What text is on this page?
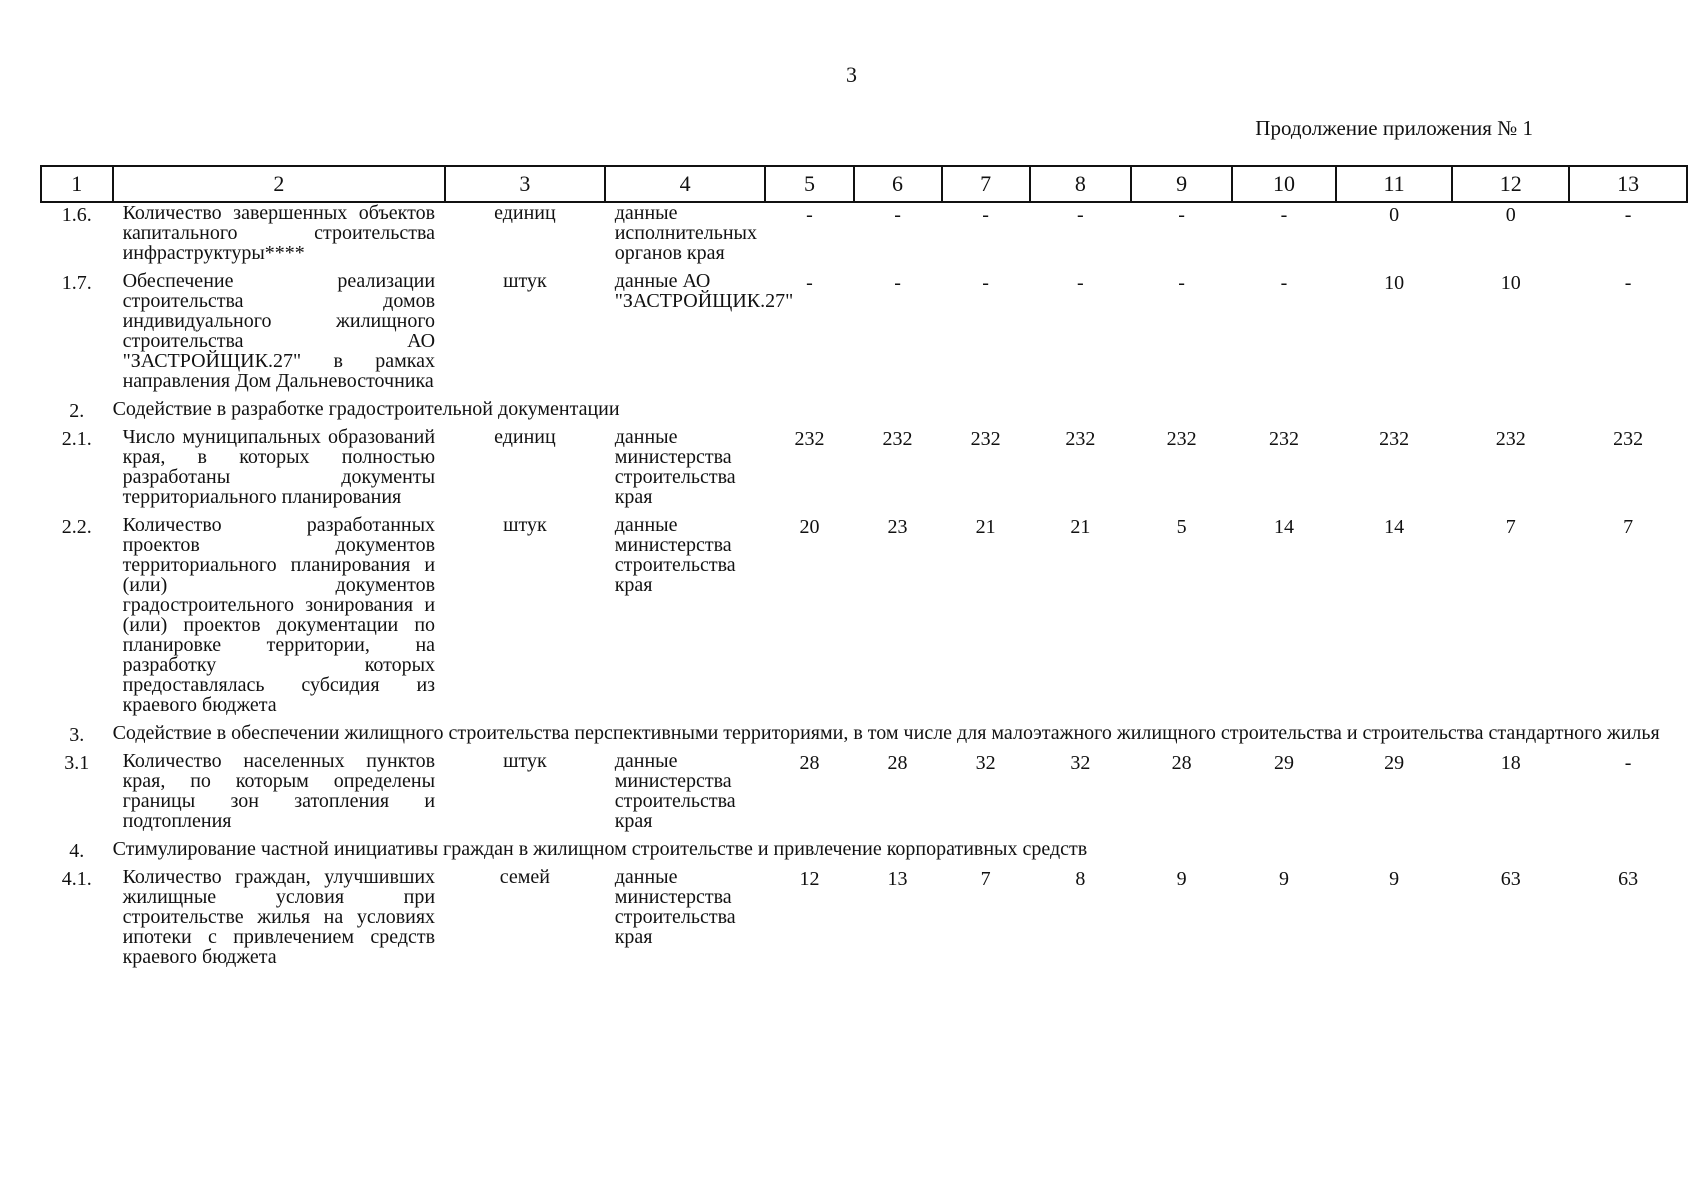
3
Продолжение приложения № 1
1	2	3	4	5	6	7	8	9	10	11	12	13
1.6.	Количество завершенных объектов капитального строительства инфраструктуры****	единиц	данные исполнительных органов края	-	-	-	-	-	-	0	0	-
1.7.	Обеспечение реализации строительства домов индивидуального жилищного строительства АО "ЗАСТРОЙЩИК.27" в рамках направления Дом Дальневосточника	штук	данные АО "ЗАСТРОЙЩИК.27"	-	-	-	-	-	-	10	10	-
2.	Содействие в разработке градостроительной документации											
2.1.	Число муниципальных образований края, в которых полностью разработаны документы территориального планирования	единиц	данные министерства строительства края	232	232	232	232	232	232	232	232	232
2.2.	Количество разработанных проектов документов территориального планирования и (или) документов градостроительного зонирования и (или) проектов документации по планировке территории, на разработку которых предоставлялась субсидия из краевого бюджета	штук	данные министерства строительства края	20	23	21	21	5	14	14	7	7
3.	Содействие в обеспечении жилищного строительства перспективными территориями, в том числе для малоэтажного жилищного строительства и строительства стандартного жилья											
3.1	Количество населенных пунктов края, по которым определены границы зон затопления и подтопления	штук	данные министерства строительства края	28	28	32	32	28	29	29	18	-
4.	Стимулирование частной инициативы граждан в жилищном строительстве и привлечение корпоративных средств											
4.1.	Количество граждан, улучшивших жилищные условия при строительстве жилья на условиях ипотеки с привлечением средств краевого бюджета	семей	данные министерства строительства края	12	13	7	8	9	9	9	63	63
